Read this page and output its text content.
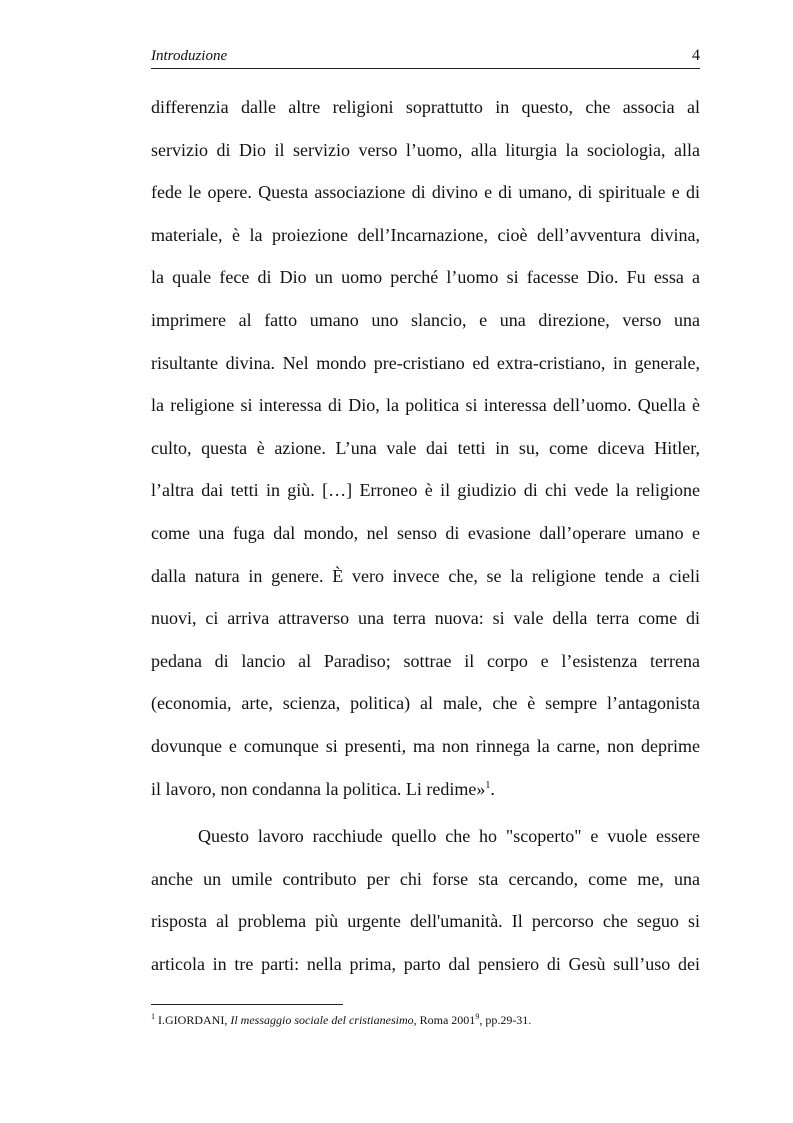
Introduzione	4
differenzia dalle altre religioni soprattutto in questo, che associa al
servizio di Dio il servizio verso l’uomo, alla liturgia la sociologia, alla
fede le opere. Questa associazione di divino e di umano, di spirituale e di
materiale, è la proiezione dell’Incarnazione, cioè dell’avventura divina,
la quale fece di Dio un uomo perché l’uomo si facesse Dio. Fu essa a
imprimere al fatto umano uno slancio, e una direzione, verso una
risultante divina. Nel mondo pre-cristiano ed extra-cristiano, in generale,
la religione si interessa di Dio, la politica si interessa dell’uomo. Quella è
culto, questa è azione. L’una vale dai tetti in su, come diceva Hitler,
l’altra dai tetti in giù. […] Erroneo è il giudizio di chi vede la religione
come una fuga dal mondo, nel senso di evasione dall’operare umano e
dalla natura in genere. È vero invece che, se la religione tende a cieli
nuovi, ci arriva attraverso una terra nuova: si vale della terra come di
pedana di lancio al Paradiso; sottrae il corpo e l’esistenza terrena
(economia, arte, scienza, politica) al male, che è sempre l’antagonista
dovunque e comunque si presenti, ma non rinnega la carne, non deprime
il lavoro, non condanna la politica. Li redime»$^1$.
Questo lavoro racchiude quello che ho "scoperto" e vuole essere
anche un umile contributo per chi forse sta cercando, come me, una
risposta al problema più urgente dell'umanità. Il percorso che seguo si
articola in tre parti: nella prima, parto dal pensiero di Gesù sull’uso dei
$^1$ I.GIORDANI, Il messaggio sociale del cristianesimo, Roma 2001$^9$, pp.29-31.
